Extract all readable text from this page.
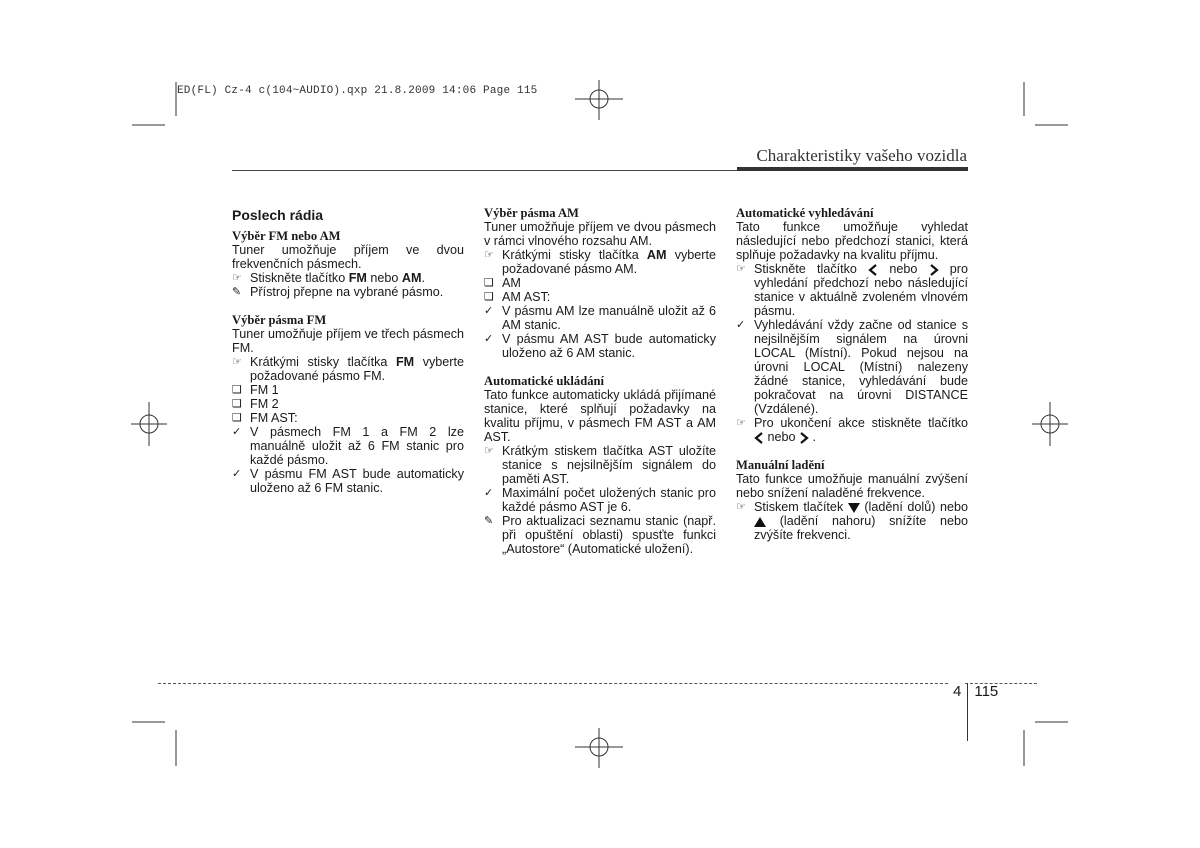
ED(FL) Cz-4 c(104~AUDIO).qxp 21.8.2009 14:06 Page 115
Charakteristiky vašeho vozidla
Poslech rádia
Výběr FM nebo AM

Tuner umožňuje příjem ve dvou frekvenčních pásmech.

☞ Stiskněte tlačítko FM nebo AM.
✎ Přístroj přepne na vybrané pásmo.
Výběr pásma FM

Tuner umožňuje příjem ve třech pásmech FM.

☞ Krátkými stisky tlačítka FM vyberte požadované pásmo FM.
❑ FM 1
❑ FM 2
❑ FM AST:
✓ V pásmech FM 1 a FM 2 lze manuálně uložit až 6 FM stanic pro každé pásmo.
✓ V pásmu FM AST bude automaticky uloženo až 6 FM stanic.
Výběr pásma AM

Tuner umožňuje příjem ve dvou pásmech v rámci vlnového rozsahu AM.

☞ Krátkými stisky tlačítka AM vyberte požadované pásmo AM.
❑ AM
❑ AM AST:
✓ V pásmu AM lze manuálně uložit až 6 AM stanic.
✓ V pásmu AM AST bude automaticky uloženo až 6 AM stanic.
Automatické ukládání

Tato funkce automaticky ukládá přijímané stanice, které splňují požadavky na kvalitu příjmu, v pásmech FM AST a AM AST.

☞ Krátkým stiskem tlačítka AST uložíte stanice s nejsilnějším signálem do paměti AST.
✓ Maximální počet uložených stanic pro každé pásmo AST je 6.
✎ Pro aktualizaci seznamu stanic (např. při opuštění oblasti) spusťte funkci „Autostore“ (Automatické uložení).
Automatické vyhledávání

Tato funkce umožňuje vyhledat následující nebo předchozí stanici, která splňuje požadavky na kvalitu příjmu.

☞ Stiskněte tlačítko  nebo  pro vyhledání předchozí nebo následující stanice v aktuálně zvoleném vlnovém pásmu.
✓ Vyhledávání vždy začne od stanice s nejsilnějším signálem na úrovni LOCAL (Místní). Pokud nejsou na úrovni LOCAL (Místní) nalezeny žádné stanice, vyhledávání bude pokračovat na úrovni DISTANCE (Vzdálené).
☞ Pro ukončení akce stiskněte tlačítko  nebo  .
Manuální ladění

Tato funkce umožňuje manuální zvýšení nebo snížení naladěné frekvence.

☞ Stiskem tlačítek  (ladění dolů) nebo  (ladění nahoru) snížíte nebo zvýšíte frekvenci.
4 115
